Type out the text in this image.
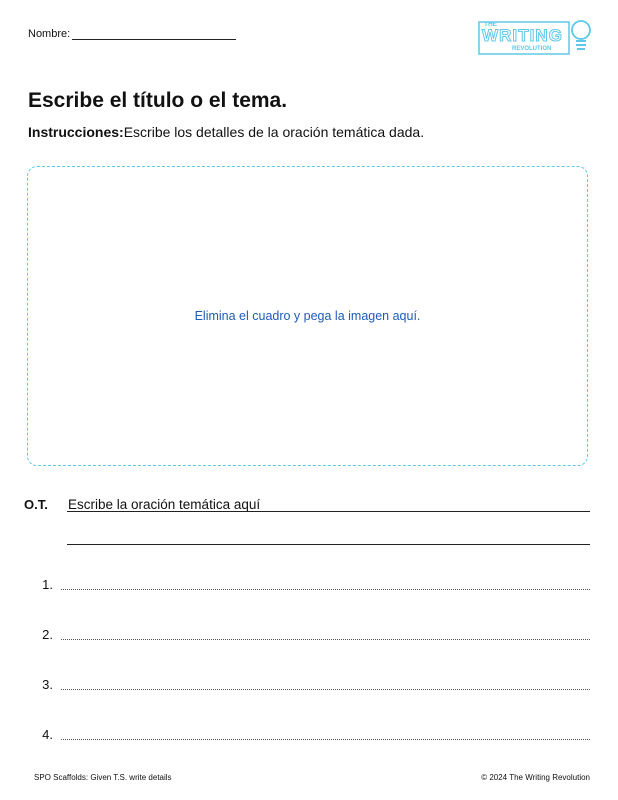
Nombre:
THE
WRITING
REVOLUTION
Escribe el título o el tema.
Instrucciones:Escribe los detalles de la oración temática dada.
Elimina el cuadro y pega la imagen aquí.
O.T. Escribe la oración temática aquí
1.
2.
3.
4.
SPO Scaffolds: Given T.S. write details	© 2024 The Writing Revolution
